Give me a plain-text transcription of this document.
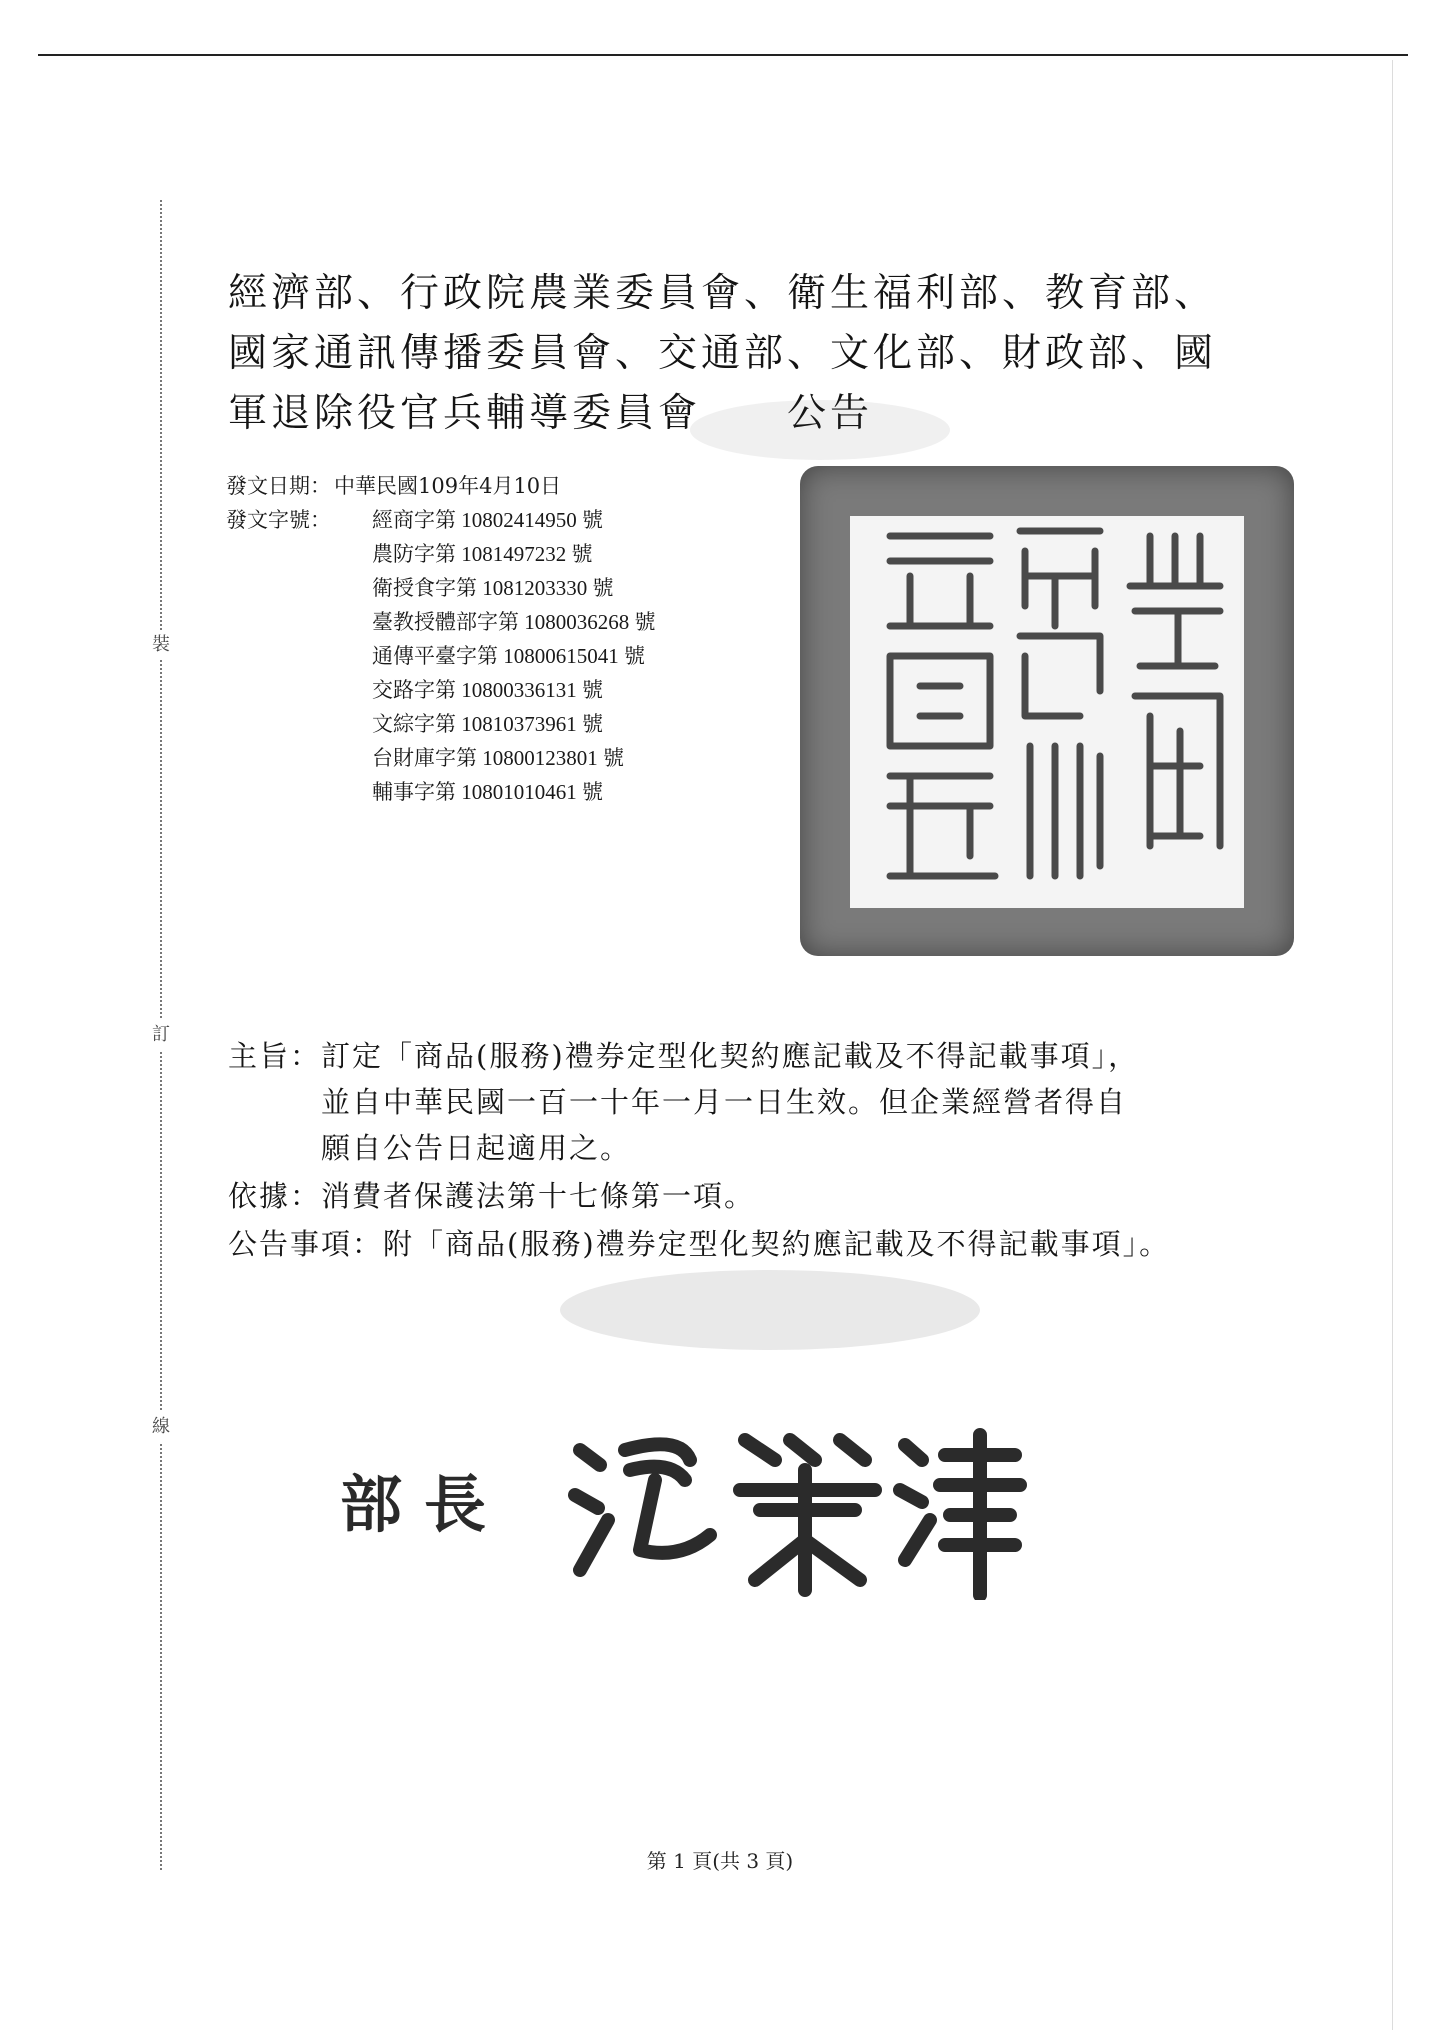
裝
訂
線
經濟部、行政院農業委員會、衛生福利部、教育部、
國家通訊傳播委員會、交通部、文化部、財政部、國
軍退除役官兵輔導委員會　　公告
發文日期： 中華民國109年4月10日
發文字號： 經商字第 10802414950 號
農防字第 1081497232 號
衛授食字第 1081203330 號
臺教授體部字第 1080036268 號
通傳平臺字第 10800615041 號
交路字第 10800336131 號
文綜字第 10810373961 號
台財庫字第 10800123801 號
輔事字第 10801010461 號
主旨：訂定「商品(服務)禮券定型化契約應記載及不得記載事項」，
　　　並自中華民國一百一十年一月一日生效。但企業經營者得自
　　　願自公告日起適用之。
依據：消費者保護法第十七條第一項。
公告事項：附「商品(服務)禮券定型化契約應記載及不得記載事項」。
部長
第 1 頁(共 3 頁)
